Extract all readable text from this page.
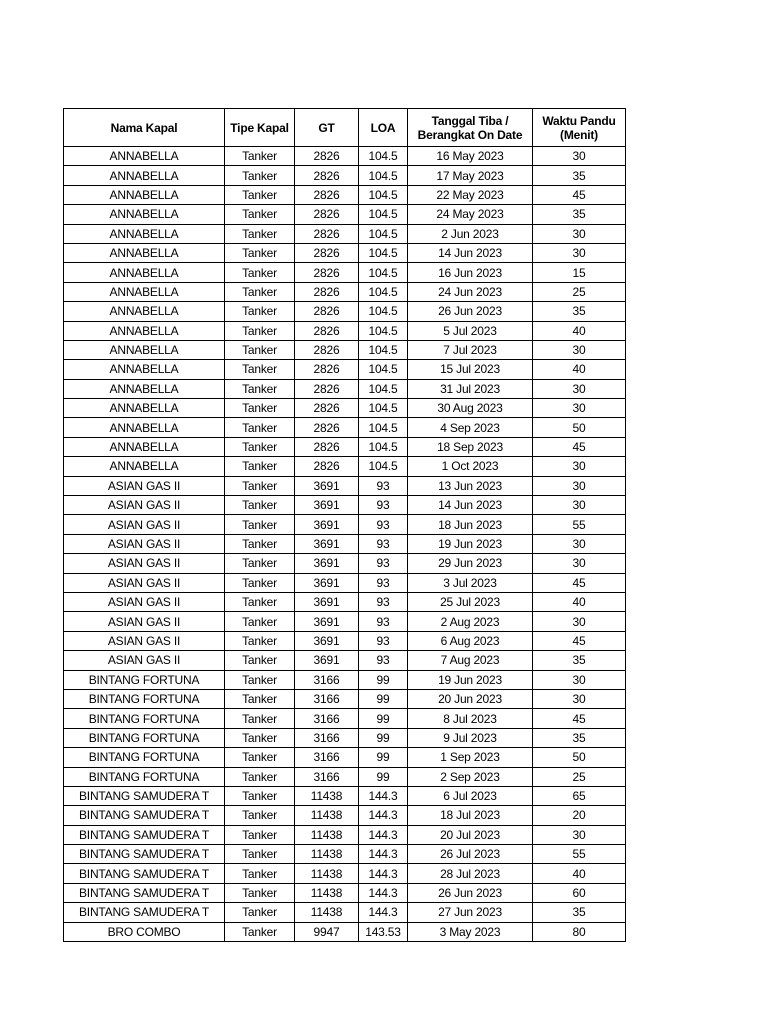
Nama Kapal	Tipe Kapal	GT	LOA	Tanggal Tiba / Berangkat On Date	Waktu Pandu (Menit)
ANNABELLA	Tanker	2826	104.5	16 May 2023	30
ANNABELLA	Tanker	2826	104.5	17 May 2023	35
ANNABELLA	Tanker	2826	104.5	22 May 2023	45
ANNABELLA	Tanker	2826	104.5	24 May 2023	35
ANNABELLA	Tanker	2826	104.5	2 Jun 2023	30
ANNABELLA	Tanker	2826	104.5	14 Jun 2023	30
ANNABELLA	Tanker	2826	104.5	16 Jun 2023	15
ANNABELLA	Tanker	2826	104.5	24 Jun 2023	25
ANNABELLA	Tanker	2826	104.5	26 Jun 2023	35
ANNABELLA	Tanker	2826	104.5	5 Jul 2023	40
ANNABELLA	Tanker	2826	104.5	7 Jul 2023	30
ANNABELLA	Tanker	2826	104.5	15 Jul 2023	40
ANNABELLA	Tanker	2826	104.5	31 Jul 2023	30
ANNABELLA	Tanker	2826	104.5	30 Aug 2023	30
ANNABELLA	Tanker	2826	104.5	4 Sep 2023	50
ANNABELLA	Tanker	2826	104.5	18 Sep 2023	45
ANNABELLA	Tanker	2826	104.5	1 Oct 2023	30
ASIAN GAS II	Tanker	3691	93	13 Jun 2023	30
ASIAN GAS II	Tanker	3691	93	14 Jun 2023	30
ASIAN GAS II	Tanker	3691	93	18 Jun 2023	55
ASIAN GAS II	Tanker	3691	93	19 Jun 2023	30
ASIAN GAS II	Tanker	3691	93	29 Jun 2023	30
ASIAN GAS II	Tanker	3691	93	3 Jul 2023	45
ASIAN GAS II	Tanker	3691	93	25 Jul 2023	40
ASIAN GAS II	Tanker	3691	93	2 Aug 2023	30
ASIAN GAS II	Tanker	3691	93	6 Aug 2023	45
ASIAN GAS II	Tanker	3691	93	7 Aug 2023	35
BINTANG FORTUNA	Tanker	3166	99	19 Jun 2023	30
BINTANG FORTUNA	Tanker	3166	99	20 Jun 2023	30
BINTANG FORTUNA	Tanker	3166	99	8 Jul 2023	45
BINTANG FORTUNA	Tanker	3166	99	9 Jul 2023	35
BINTANG FORTUNA	Tanker	3166	99	1 Sep 2023	50
BINTANG FORTUNA	Tanker	3166	99	2 Sep 2023	25
BINTANG SAMUDERA T	Tanker	11438	144.3	6 Jul 2023	65
BINTANG SAMUDERA T	Tanker	11438	144.3	18 Jul 2023	20
BINTANG SAMUDERA T	Tanker	11438	144.3	20 Jul 2023	30
BINTANG SAMUDERA T	Tanker	11438	144.3	26 Jul 2023	55
BINTANG SAMUDERA T	Tanker	11438	144.3	28 Jul 2023	40
BINTANG SAMUDERA T	Tanker	11438	144.3	26 Jun 2023	60
BINTANG SAMUDERA T	Tanker	11438	144.3	27 Jun 2023	35
BRO COMBO	Tanker	9947	143.53	3 May 2023	80
